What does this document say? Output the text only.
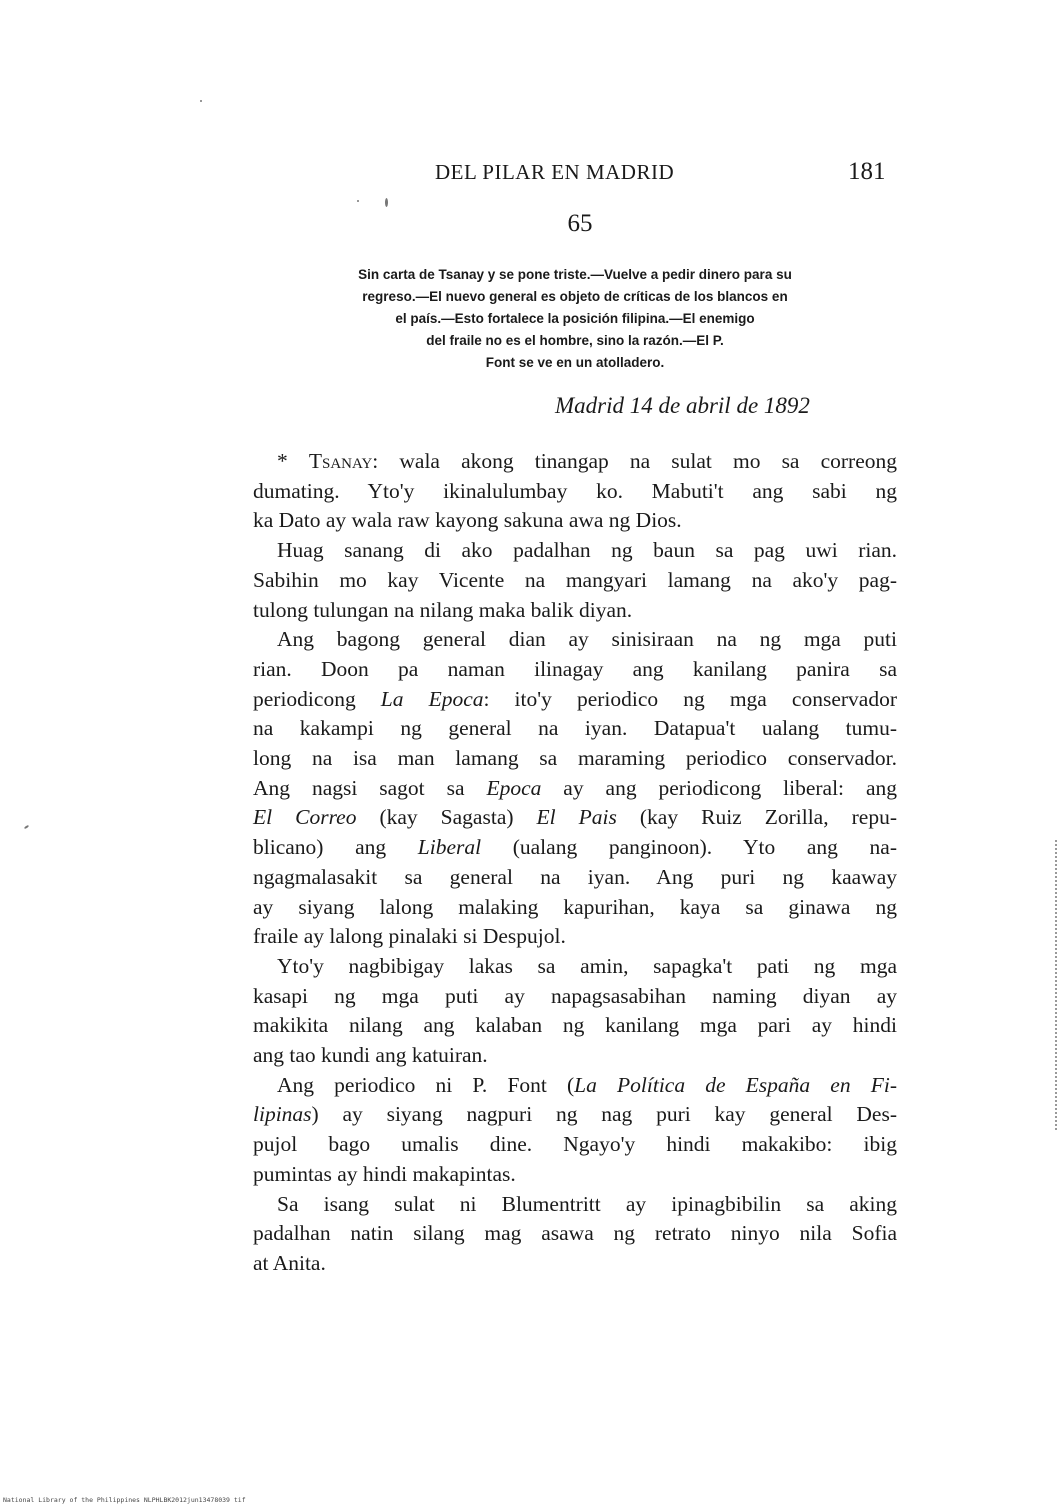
DEL PILAR EN MADRID	181
65
Sin carta de Tsanay y se pone triste.—Vuelve a pedir dinero para su
regreso.—El nuevo general es objeto de críticas de los blancos en
el país.—Esto fortalece la posición filipina.—El enemigo
del fraile no es el hombre, sino la razón.—El P.
Font se ve en un atolladero.
Madrid 14 de abril de 1892
* Tsanay: wala akong tinangap na sulat mo sa correong
dumating. Yto'y ikinalulumbay ko. Mabuti't ang sabi ng
ka Dato ay wala raw kayong sakuna awa ng Dios.
Huag sanang di ako padalhan ng baun sa pag uwi rian.
Sabihin mo kay Vicente na mangyari lamang na ako'y pag-
tulong tulungan na nilang maka balik diyan.
Ang bagong general dian ay sinisiraan na ng mga puti
rian. Doon pa naman ilinagay ang kanilang panira sa
periodicong La Epoca: ito'y periodico ng mga conservador
na kakampi ng general na iyan. Datapua't ualang tumu-
long na isa man lamang sa maraming periodico conservador.
Ang nagsi sagot sa Epoca ay ang periodicong liberal: ang
El Correo (kay Sagasta) El Pais (kay Ruiz Zorilla, repu-
blicano) ang Liberal (ualang panginoon). Yto ang na-
ngagmalasakit sa general na iyan. Ang puri ng kaaway
ay siyang lalong malaking kapurihan, kaya sa ginawa ng
fraile ay lalong pinalaki si Despujol.
Yto'y nagbibigay lakas sa amin, sapagka't pati ng mga
kasapi ng mga puti ay napagsasabihan naming diyan ay
makikita nilang ang kalaban ng kanilang mga pari ay hindi
ang tao kundi ang katuiran.
Ang periodico ni P. Font (La Política de España en Fi-
lipinas) ay siyang nagpuri ng nag puri kay general Des-
pujol bago umalis dine. Ngayo'y hindi makakibo: ibig
pumintas ay hindi makapintas.
Sa isang sulat ni Blumentritt ay ipinagbibilin sa aking
padalhan natin silang mag asawa ng retrato ninyo nila Sofia
at Anita.
National Library of the Philippines NLPHLBK2012jun13478039 tif
